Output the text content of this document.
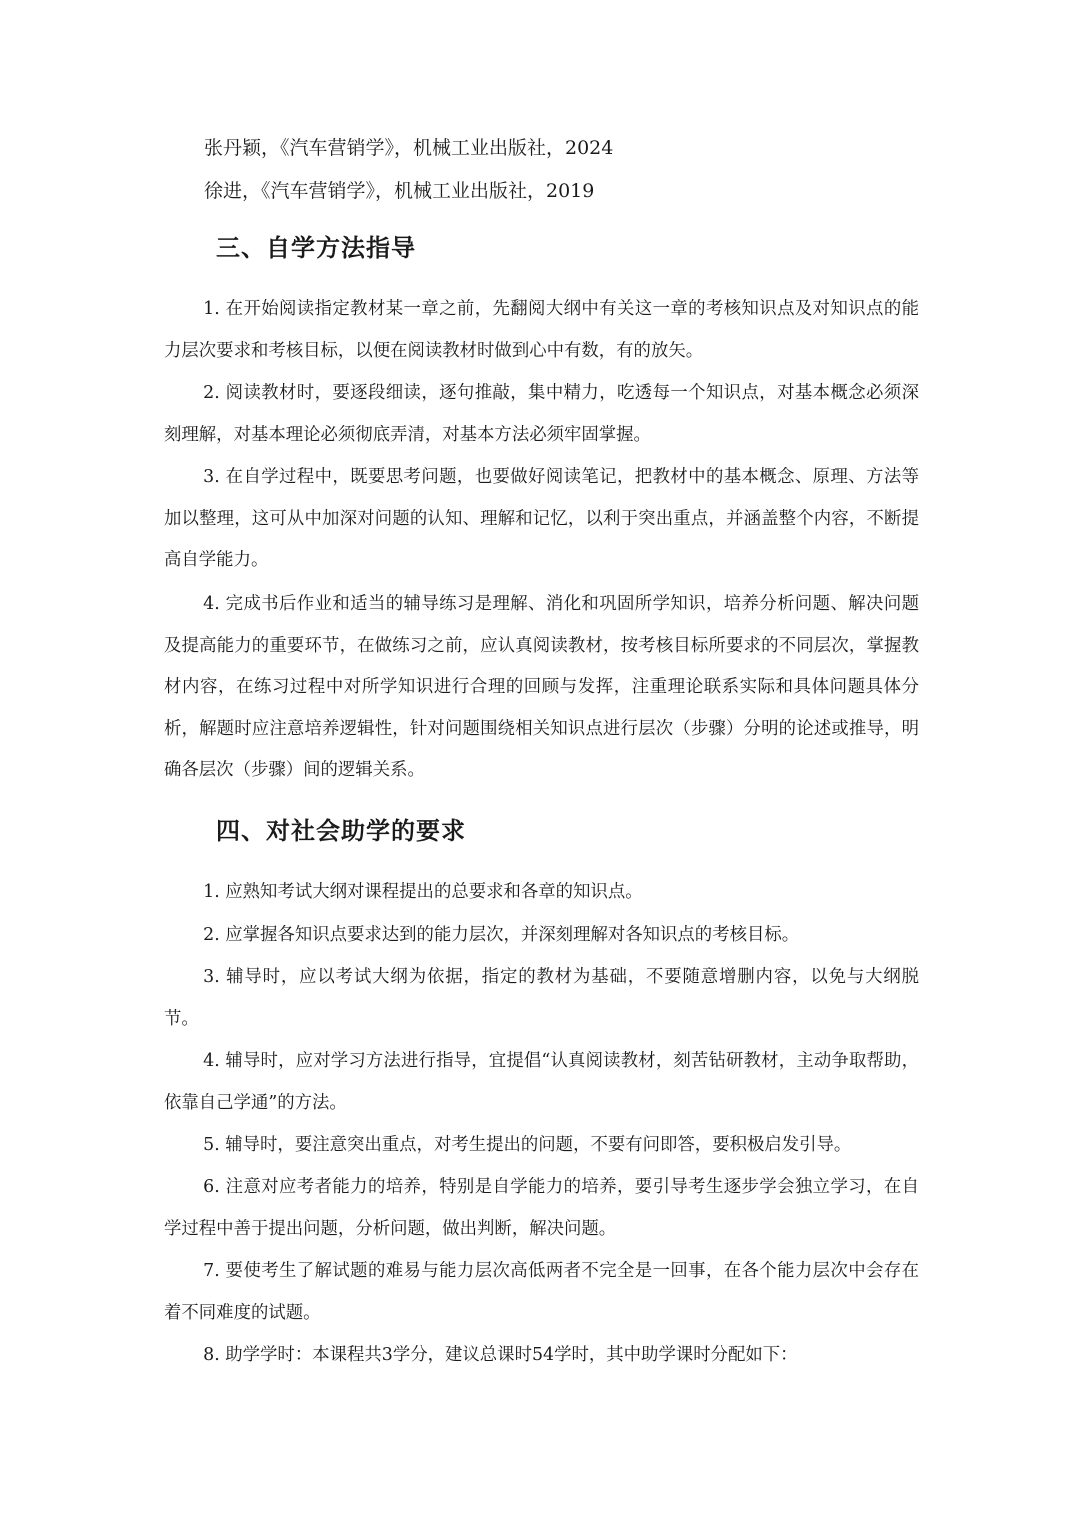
张丹颖，《汽车营销学》，机械工业出版社，2024
徐进，《汽车营销学》，机械工业出版社，2019
三、自学方法指导

1. 在开始阅读指定教材某一章之前，先翻阅大纲中有关这一章的考核知识点及对知识点的能力层次要求和考核目标，以便在阅读教材时做到心中有数，有的放矢。

2. 阅读教材时，要逐段细读，逐句推敲，集中精力，吃透每一个知识点，对基本概念必须深刻理解，对基本理论必须彻底弄清，对基本方法必须牢固掌握。

3. 在自学过程中，既要思考问题，也要做好阅读笔记，把教材中的基本概念、原理、方法等加以整理，这可从中加深对问题的认知、理解和记忆，以利于突出重点，并涵盖整个内容，不断提高自学能力。

4. 完成书后作业和适当的辅导练习是理解、消化和巩固所学知识，培养分析问题、解决问题及提高能力的重要环节，在做练习之前，应认真阅读教材，按考核目标所要求的不同层次，掌握教材内容，在练习过程中对所学知识进行合理的回顾与发挥，注重理论联系实际和具体问题具体分析，解题时应注意培养逻辑性，针对问题围绕相关知识点进行层次（步骤）分明的论述或推导，明确各层次（步骤）间的逻辑关系。

四、对社会助学的要求

1. 应熟知考试大纲对课程提出的总要求和各章的知识点。

2. 应掌握各知识点要求达到的能力层次，并深刻理解对各知识点的考核目标。

3. 辅导时，应以考试大纲为依据，指定的教材为基础，不要随意增删内容，以免与大纲脱节。

4. 辅导时，应对学习方法进行指导，宜提倡“认真阅读教材，刻苦钻研教材，主动争取帮助，依靠自己学通”的方法。

5. 辅导时，要注意突出重点，对考生提出的问题，不要有问即答，要积极启发引导。

6. 注意对应考者能力的培养，特别是自学能力的培养，要引导考生逐步学会独立学习，在自学过程中善于提出问题，分析问题，做出判断，解决问题。

7. 要使考生了解试题的难易与能力层次高低两者不完全是一回事，在各个能力层次中会存在着不同难度的试题。

8. 助学学时：本课程共3学分，建议总课时54学时，其中助学课时分配如下：
